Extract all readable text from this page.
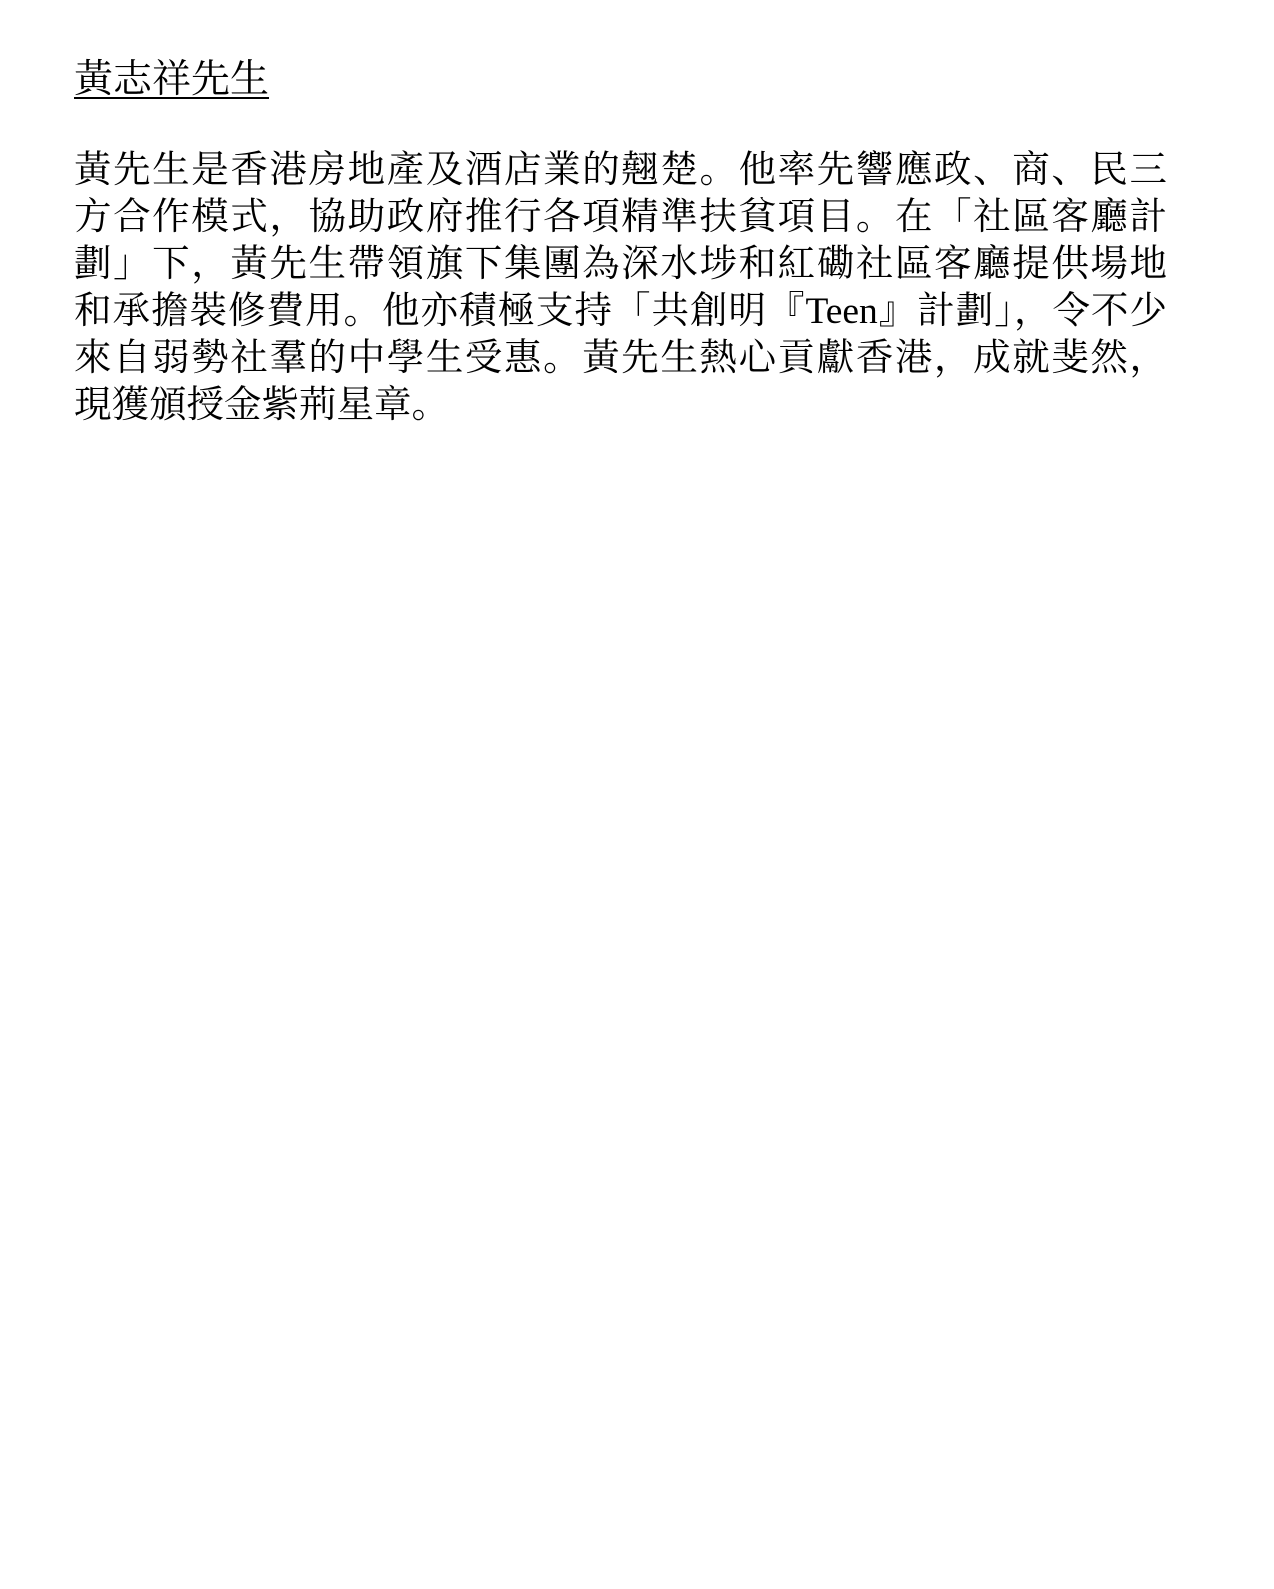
黃志祥先生
黃先生是香港房地產及酒店業的翹楚。他率先響應政、商、民三
方合作模式，協助政府推行各項精準扶貧項目。在「社區客廳計
劃」下，黃先生帶領旗下集團為深水埗和紅磡社區客廳提供場地
和承擔裝修費用。他亦積極支持「共創明『Teen』計劃」，令不少
來自弱勢社羣的中學生受惠。黃先生熱心貢獻香港，成就斐然，
現獲頒授金紫荊星章。
